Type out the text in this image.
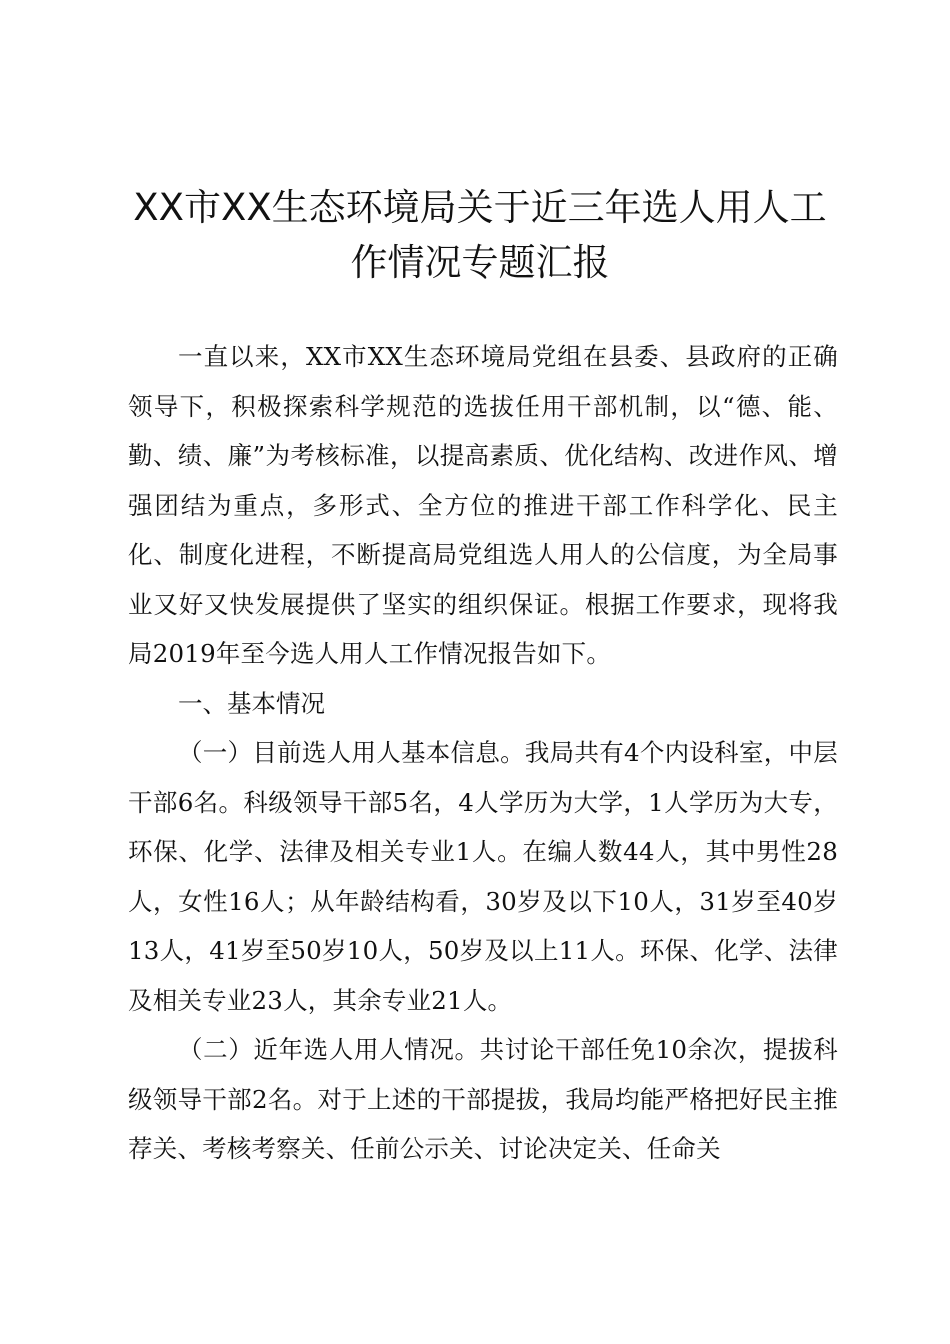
XX市XX生态环境局关于近三年选人用人工
作情况专题汇报

一直以来，XX市XX生态环境局党组在县委、县政府的正确领导下，积极探索科学规范的选拔任用干部机制，以“德、能、勤、绩、廉”为考核标准，以提高素质、优化结构、改进作风、增强团结为重点，多形式、全方位的推进干部工作科学化、民主化、制度化进程，不断提高局党组选人用人的公信度，为全局事业又好又快发展提供了坚实的组织保证。根据工作要求，现将我局2019年至今选人用人工作情况报告如下。

一、基本情况

（一）目前选人用人基本信息。我局共有4个内设科室，中层干部6名。科级领导干部5名，4人学历为大学，1人学历为大专，环保、化学、法律及相关专业1人。在编人数44人，其中男性28人，女性16人；从年龄结构看，30岁及以下10人，31岁至40岁13人，41岁至50岁10人，50岁及以上11人。环保、化学、法律及相关专业23人，其余专业21人。

（二）近年选人用人情况。共讨论干部任免10余次，提拔科级领导干部2名。对于上述的干部提拔，我局均能严格把好民主推荐关、考核考察关、任前公示关、讨论决定关、任命关
